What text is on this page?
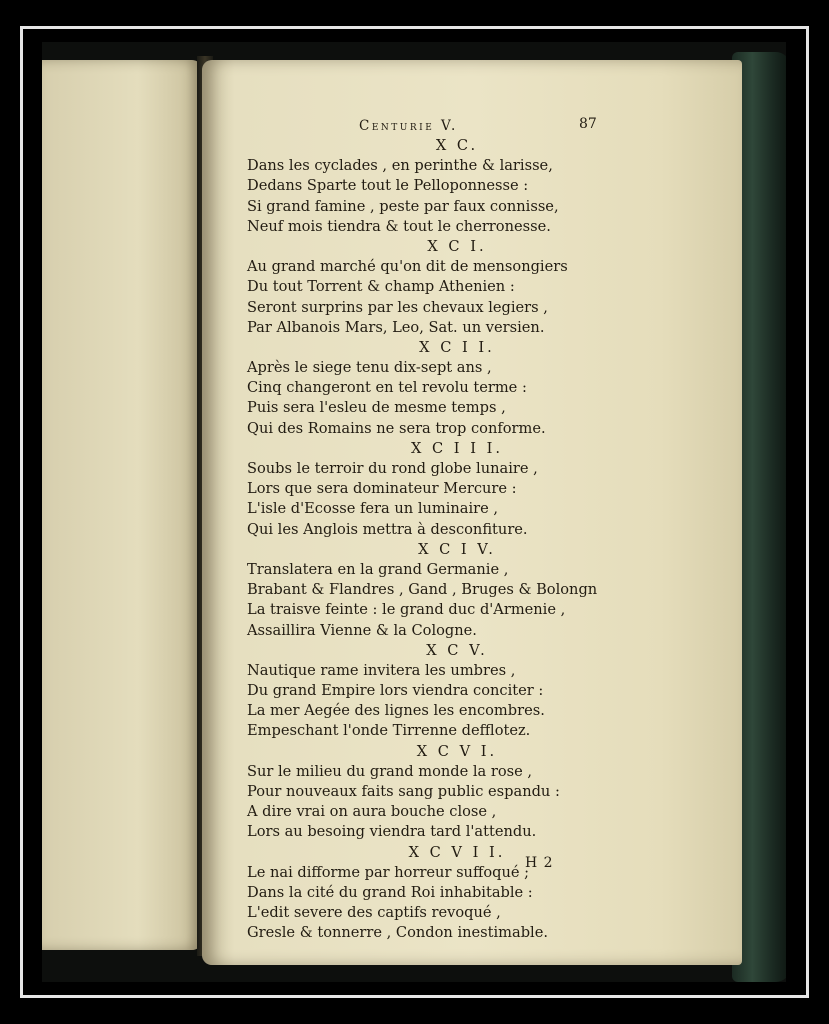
Centurie V.	87
X C.
Dans les cyclades , en perinthe & larisse,
Dedans Sparte tout le Pelloponnesse :
Si grand famine , peste par faux connisse,
Neuf mois tiendra & tout le cherronesse.
X C I.
Au grand marché qu'on dit de mensongiers
Du tout Torrent & champ Athenien :
Seront surprins par les chevaux legiers ,
Par Albanois Mars, Leo, Sat. un versien.
X C I I.
Après le siege tenu dix-sept ans ,
Cinq changeront en tel revolu terme :
Puis sera l'esleu de mesme temps ,
Qui des Romains ne sera trop conforme.
X C I I I.
Soubs le terroir du rond globe lunaire ,
Lors que sera dominateur Mercure :
L'isle d'Ecosse fera un luminaire ,
Qui les Anglois mettra à desconfiture.
X C I V.
Translatera en la grand Germanie ,
Brabant & Flandres , Gand , Bruges & Bolongn
La traisve feinte : le grand duc d'Armenie ,
Assaillira Vienne & la Cologne.
X C V.
Nautique rame invitera les umbres ,
Du grand Empire lors viendra conciter :
La mer Aegée des lignes les encombres.
Empeschant l'onde Tirrenne defflotez.
X C V I.
Sur le milieu du grand monde la rose ,
Pour nouveaux faits sang public espandu :
A dire vrai on aura bouche close ,
Lors au besoing viendra tard l'attendu.
X C V I I.
Le nai difforme par horreur suffoqué ;
Dans la cité du grand Roi inhabitable :
L'edit severe des captifs revoqué ,
Gresle & tonnerre , Condon inestimable.
H 2
